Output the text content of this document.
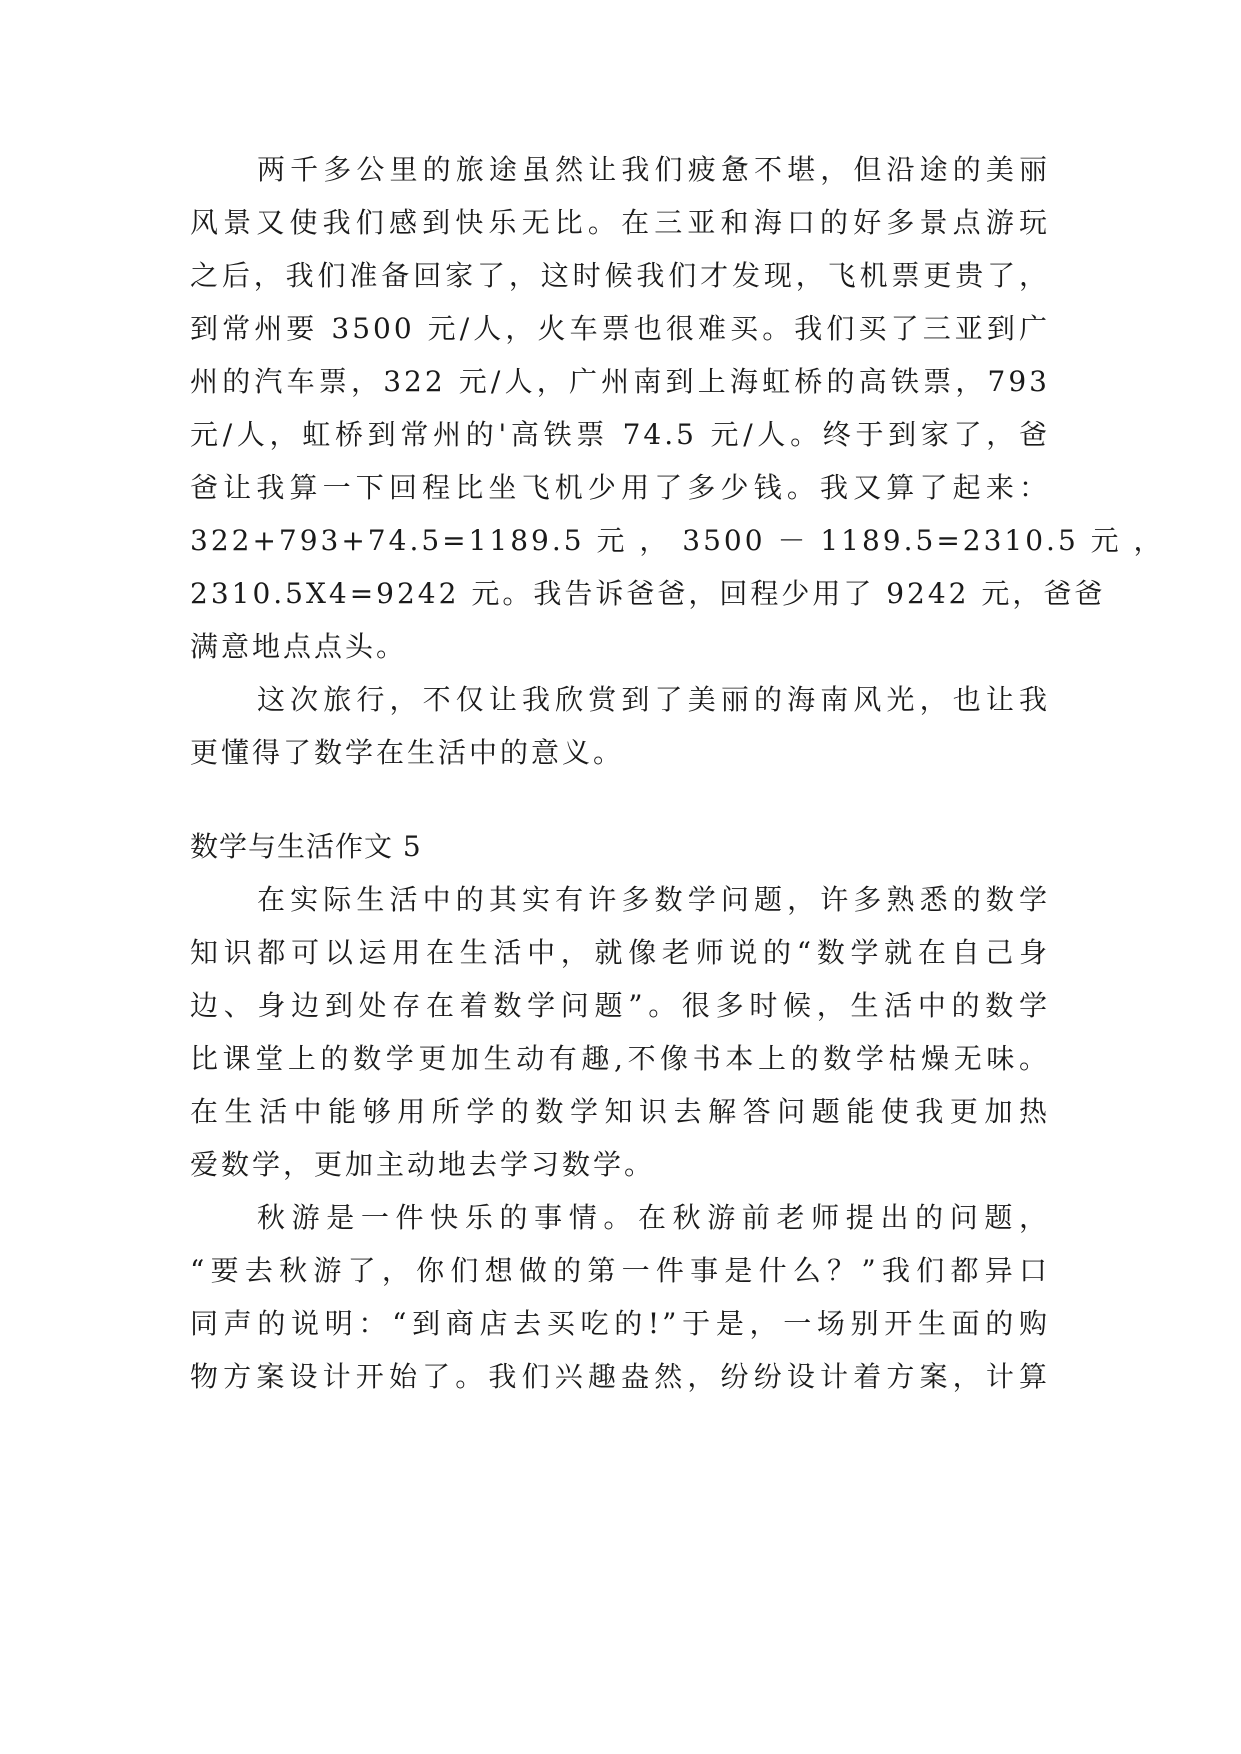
两千多公里的旅途虽然让我们疲惫不堪，但沿途的美丽
风景又使我们感到快乐无比。在三亚和海口的好多景点游玩
之后，我们准备回家了，这时候我们才发现，飞机票更贵了，
到常州要 3500 元/人，火车票也很难买。我们买了三亚到广
州的汽车票，322 元/人，广州南到上海虹桥的高铁票，793
元/人，虹桥到常州的'高铁票 74.5 元/人。终于到家了，爸
爸让我算一下回程比坐飞机少用了多少钱。我又算了起来：
322+793+74.5=1189.5 元 ， 3500 － 1189.5=2310.5 元 ，
2310.5X4=9242 元。我告诉爸爸，回程少用了 9242 元，爸爸
满意地点点头。
这次旅行，不仅让我欣赏到了美丽的海南风光，也让我
更懂得了数学在生活中的意义。
数学与生活作文 5
在实际生活中的其实有许多数学问题，许多熟悉的数学
知识都可以运用在生活中，就像老师说的“数学就在自己身
边、身边到处存在着数学问题”。很多时候，生活中的数学
比课堂上的数学更加生动有趣,不像书本上的数学枯燥无味。
在生活中能够用所学的数学知识去解答问题能使我更加热
爱数学，更加主动地去学习数学。
秋游是一件快乐的事情。在秋游前老师提出的问题，
“要去秋游了，你们想做的第一件事是什么？”我们都异口
同声的说明：“到商店去买吃的!”于是，一场别开生面的购
物方案设计开始了。我们兴趣盎然，纷纷设计着方案，计算
